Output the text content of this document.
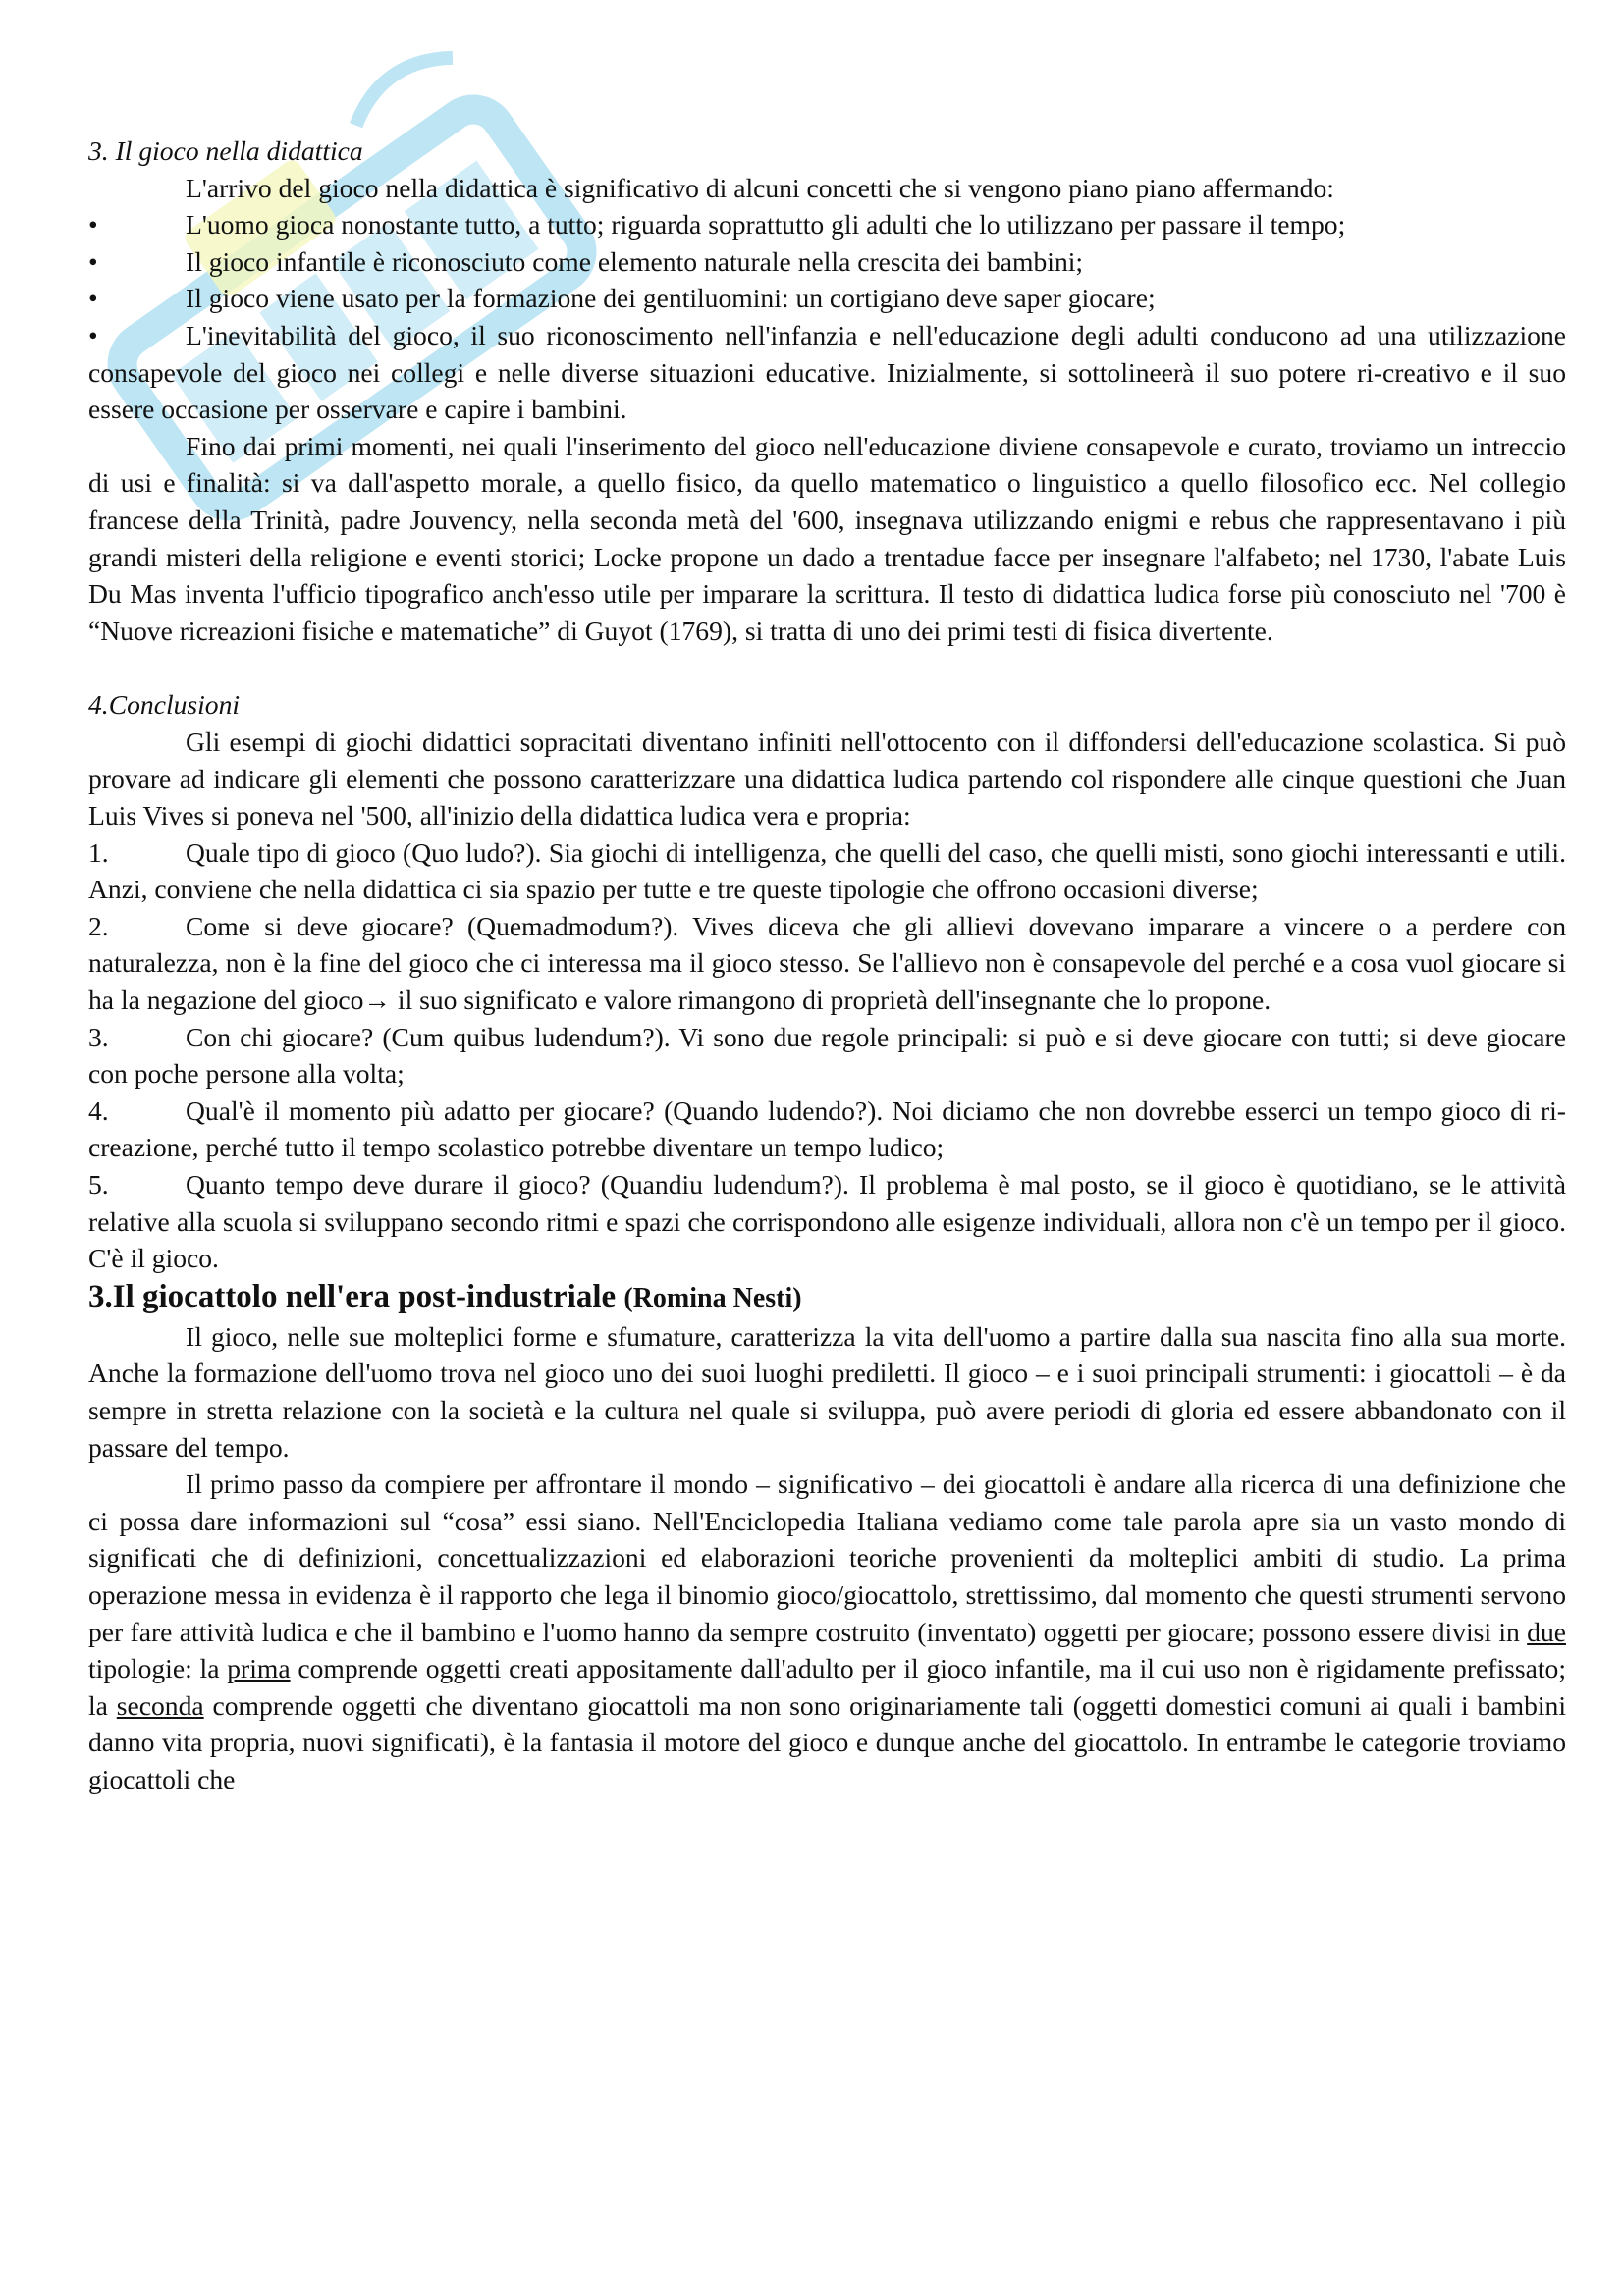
3. Il gioco nella didattica

L'arrivo del gioco nella didattica è significativo di alcuni concetti che si vengono piano piano affermando:

•	L'uomo gioca nonostante tutto, a tutto; riguarda soprattutto gli adulti che lo utilizzano per passare il tempo;

•	Il gioco infantile è riconosciuto come elemento naturale nella crescita dei bambini;

•	Il gioco viene usato per la formazione dei gentiluomini: un cortigiano deve saper giocare;

•	L'inevitabilità del gioco, il suo riconoscimento nell'infanzia e nell'educazione degli adulti conducono ad una utilizzazione consapevole del gioco nei collegi e nelle diverse situazioni educative. Inizialmente, si sottolineerà il suo potere ri-creativo e il suo essere occasione per osservare e capire i bambini.

Fino dai primi momenti, nei quali l'inserimento del gioco nell'educazione diviene consapevole e curato, troviamo un intreccio di usi e finalità: si va dall'aspetto morale, a quello fisico, da quello matematico o linguistico a quello filosofico ecc. Nel collegio francese della Trinità, padre Jouvency, nella seconda metà del '600, insegnava utilizzando enigmi e rebus che rappresentavano i più grandi misteri della religione e eventi storici; Locke propone un dado a trentadue facce per insegnare l'alfabeto; nel 1730, l'abate Luis Du Mas inventa l'ufficio tipografico anch'esso utile per imparare la scrittura. Il testo di didattica ludica forse più conosciuto nel '700 è “Nuove ricreazioni fisiche e matematiche” di Guyot (1769), si tratta di uno dei primi testi di fisica divertente.

4.Conclusioni

Gli esempi di giochi didattici sopracitati diventano infiniti nell'ottocento con il diffondersi dell'educazione scolastica. Si può provare ad indicare gli elementi che possono caratterizzare una didattica ludica partendo col rispondere alle cinque questioni che Juan Luis Vives si poneva nel '500, all'inizio della didattica ludica vera e propria:

1.	Quale tipo di gioco (Quo ludo?). Sia giochi di intelligenza, che quelli del caso, che quelli misti, sono giochi interessanti e utili. Anzi, conviene che nella didattica ci sia spazio per tutte e tre queste tipologie che offrono occasioni diverse;

2.	Come si deve giocare? (Quemadmodum?). Vives diceva che gli allievi dovevano imparare a vincere o a perdere con naturalezza, non è la fine del gioco che ci interessa ma il gioco stesso. Se l'allievo non è consapevole del perché e a cosa vuol giocare si ha la negazione del gioco→ il suo significato e valore rimangono di proprietà dell'insegnante che lo propone.

3.	Con chi giocare? (Cum quibus ludendum?). Vi sono due regole principali: si può e si deve giocare con tutti; si deve giocare con poche persone alla volta;

4.	Qual'è il momento più adatto per giocare? (Quando ludendo?). Noi diciamo che non dovrebbe esserci un tempo gioco di ri-creazione, perché tutto il tempo scolastico potrebbe diventare un tempo ludico;

5.	Quanto tempo deve durare il gioco? (Quandiu ludendum?). Il problema è mal posto, se il gioco è quotidiano, se le attività relative alla scuola si sviluppano secondo ritmi e spazi che corrispondono alle esigenze individuali, allora non c'è un tempo per il gioco. C'è il gioco.

3.Il giocattolo nell'era post-industriale (Romina Nesti)

Il gioco, nelle sue molteplici forme e sfumature, caratterizza la vita dell'uomo a partire dalla sua nascita fino alla sua morte. Anche la formazione dell'uomo trova nel gioco uno dei suoi luoghi prediletti. Il gioco – e i suoi principali strumenti: i giocattoli – è da sempre in stretta relazione con la società e la cultura nel quale si sviluppa, può avere periodi di gloria ed essere abbandonato con il passare del tempo.

Il primo passo da compiere per affrontare il mondo – significativo – dei giocattoli è andare alla ricerca di una definizione che ci possa dare informazioni sul “cosa” essi siano. Nell'Enciclopedia Italiana vediamo come tale parola apre sia un vasto mondo di significati che di definizioni, concettualizzazioni ed elaborazioni teoriche provenienti da molteplici ambiti di studio. La prima operazione messa in evidenza è il rapporto che lega il binomio gioco/giocattolo, strettissimo, dal momento che questi strumenti servono per fare attività ludica e che il bambino e l'uomo hanno da sempre costruito (inventato) oggetti per giocare; possono essere divisi in due tipologie: la prima comprende oggetti creati appositamente dall'adulto per il gioco infantile, ma il cui uso non è rigidamente prefissato; la seconda comprende oggetti che diventano giocattoli ma non sono originariamente tali (oggetti domestici comuni ai quali i bambini danno vita propria, nuovi significati), è la fantasia il motore del gioco e dunque anche del giocattolo. In entrambe le categorie troviamo giocattoli che
